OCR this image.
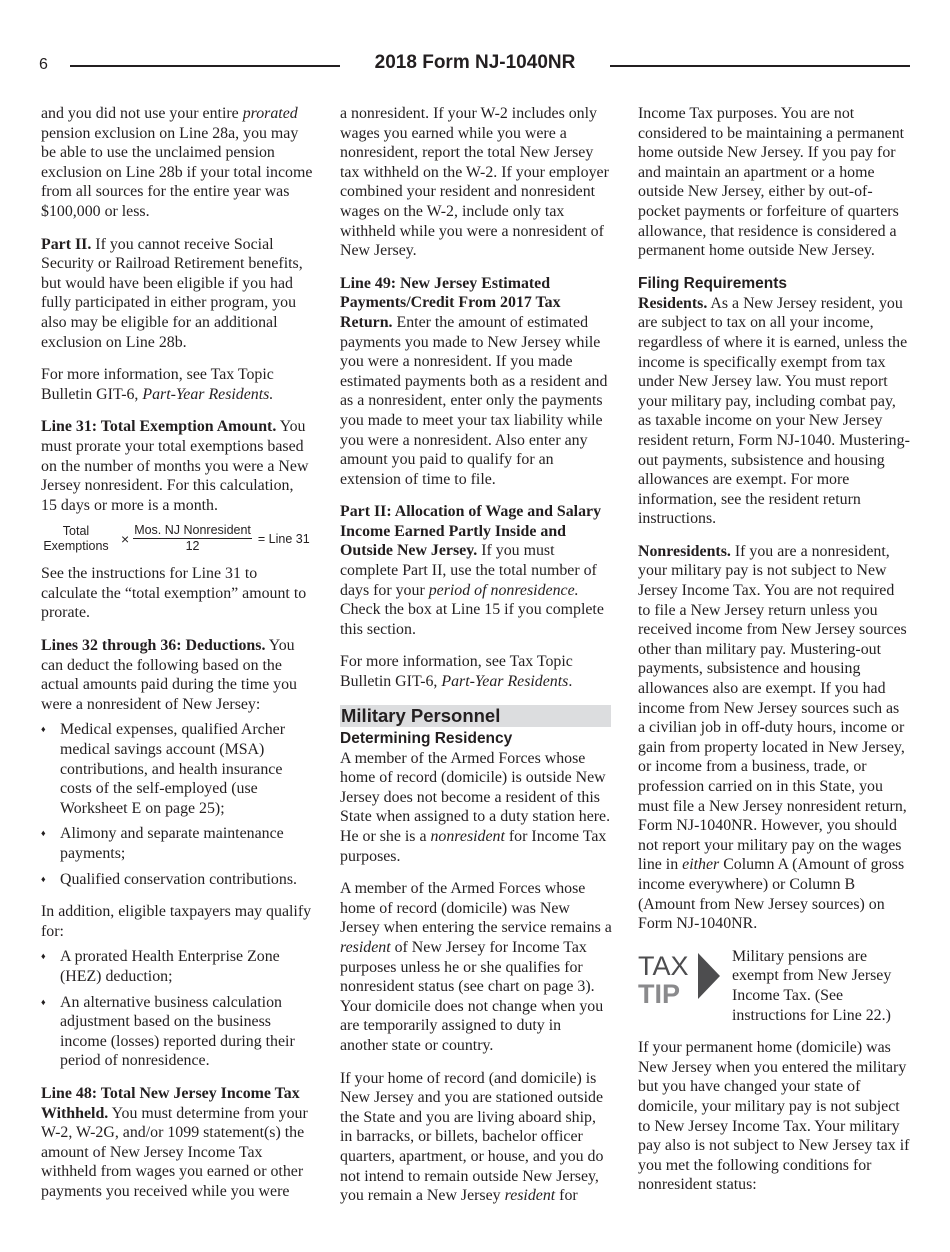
6	2018 Form NJ-1040NR

and you did not use your entire prorated pension exclusion on Line 28a, you may be able to use the unclaimed pension exclusion on Line 28b if your total income from all sources for the entire year was $100,000 or less.

Part II. If you cannot receive Social Security or Railroad Retirement benefits, but would have been eligible if you had fully participated in either program, you also may be eligible for an additional exclusion on Line 28b.

For more information, see Tax Topic Bulletin GIT-6, Part-Year Residents.

Line 31: Total Exemption Amount. You must prorate your total exemptions based on the number of months you were a New Jersey nonresident. For this calculation, 15 days or more is a month.

Total
Exemptions × $\frac{\text{Mos. NJ Nonresident}}{12}$ = Line 31

See the instructions for Line 31 to calculate the “total exemption” amount to prorate.

Lines 32 through 36: Deductions. You can deduct the following based on the actual amounts paid during the time you were a nonresident of New Jersey:

♦ Medical expenses, qualified Archer medical savings account (MSA) contributions, and health insurance costs of the self-employed (use Worksheet E on page 25);
♦ Alimony and separate maintenance payments;
♦ Qualified conservation contributions.

In addition, eligible taxpayers may qualify for:

♦ A prorated Health Enterprise Zone (HEZ) deduction;
♦ An alternative business calculation adjustment based on the business income (losses) reported during their period of nonresidence.

Line 48: Total New Jersey Income Tax Withheld. You must determine from your W-2, W-2G, and/or 1099 statement(s) the amount of New Jersey Income Tax withheld from wages you earned or other payments you received while you were

a nonresident. If your W-2 includes only wages you earned while you were a nonresident, report the total New Jersey tax withheld on the W-2. If your employer combined your resident and nonresident wages on the W-2, include only tax withheld while you were a nonresident of New Jersey.

Line 49: New Jersey Estimated Payments/Credit From 2017 Tax Return. Enter the amount of estimated payments you made to New Jersey while you were a nonresident. If you made estimated payments both as a resident and as a nonresident, enter only the payments you made to meet your tax liability while you were a nonresident. Also enter any amount you paid to qualify for an extension of time to file.

Part II: Allocation of Wage and Salary Income Earned Partly Inside and Outside New Jersey. If you must complete Part II, use the total number of days for your period of nonresidence. Check the box at Line 15 if you complete this section.

For more information, see Tax Topic Bulletin GIT-6, Part-Year Residents.

Military Personnel
Determining Residency

A member of the Armed Forces whose home of record (domicile) is outside New Jersey does not become a resident of this State when assigned to a duty station here. He or she is a nonresident for Income Tax purposes.

A member of the Armed Forces whose home of record (domicile) was New Jersey when entering the service remains a resident of New Jersey for Income Tax purposes unless he or she qualifies for nonresident status (see chart on page 3). Your domicile does not change when you are temporarily assigned to duty in another state or country.

If your home of record (and domicile) is New Jersey and you are stationed outside the State and you are living aboard ship, in barracks, or billets, bachelor officer quarters, apartment, or house, and you do not intend to remain outside New Jersey, you remain a New Jersey resident for

Income Tax purposes. You are not considered to be maintaining a permanent home outside New Jersey. If you pay for and maintain an apartment or a home outside New Jersey, either by out-of-pocket payments or forfeiture of quarters allowance, that residence is considered a permanent home outside New Jersey.

Filing Requirements

Residents. As a New Jersey resident, you are subject to tax on all your income, regardless of where it is earned, unless the income is specifically exempt from tax under New Jersey law. You must report your military pay, including combat pay, as taxable income on your New Jersey resident return, Form NJ-1040. Mustering-out payments, subsistence and housing allowances are exempt. For more information, see the resident return instructions.

Nonresidents. If you are a nonresident, your military pay is not subject to New Jersey Income Tax. You are not required to file a New Jersey return unless you received income from New Jersey sources other than military pay. Mustering-out payments, subsistence and housing allowances also are exempt. If you had income from New Jersey sources such as a civilian job in off-duty hours, income or gain from property located in New Jersey, or income from a business, trade, or profession carried on in this State, you must file a New Jersey nonresident return, Form NJ-1040NR. However, you should not report your military pay on the wages line in either Column A (Amount of gross income everywhere) or Column B (Amount from New Jersey sources) on Form NJ-1040NR.

TAX
TIP
Military pensions are exempt from New Jersey Income Tax. (See instructions for Line 22.)

If your permanent home (domicile) was New Jersey when you entered the military but you have changed your state of domicile, your military pay is not subject to New Jersey Income Tax. Your military pay also is not subject to New Jersey tax if you met the following conditions for nonresident status:
